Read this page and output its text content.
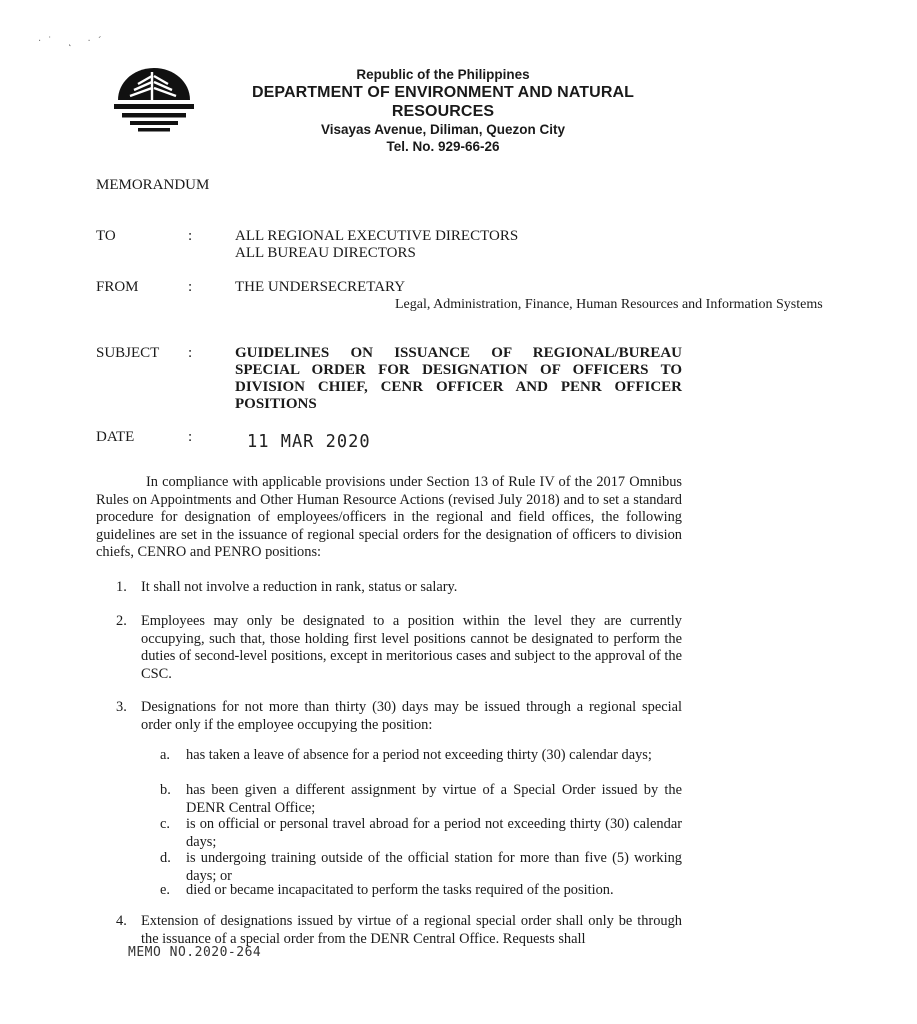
·˙ ˛ ·´
Republic of the Philippines
DEPARTMENT OF ENVIRONMENT AND NATURAL RESOURCES
Visayas Avenue, Diliman, Quezon City
Tel. No. 929-66-26
MEMORANDUM
TO	:	ALL REGIONAL EXECUTIVE DIRECTORS
ALL BUREAU DIRECTORS
FROM	:	THE UNDERSECRETARY
Legal, Administration, Finance, Human Resources and Information Systems
SUBJECT :	GUIDELINES ON ISSUANCE OF REGIONAL/BUREAU SPECIAL ORDER FOR DESIGNATION OF OFFICERS TO DIVISION CHIEF, CENR OFFICER AND PENR OFFICER POSITIONS
DATE	:	11 MAR 2020
In compliance with applicable provisions under Section 13 of Rule IV of the 2017 Omnibus Rules on Appointments and Other Human Resource Actions (revised July 2018) and to set a standard procedure for designation of employees/officers in the regional and field offices, the following guidelines are set in the issuance of regional special orders for the designation of officers to division chiefs, CENRO and PENRO positions:
1. It shall not involve a reduction in rank, status or salary.
2. Employees may only be designated to a position within the level they are currently occupying, such that, those holding first level positions cannot be designated to perform the duties of second-level positions, except in meritorious cases and subject to the approval of the CSC.
3. Designations for not more than thirty (30) days may be issued through a regional special order only if the employee occupying the position:
a. has taken a leave of absence for a period not exceeding thirty (30) calendar days;
b. has been given a different assignment by virtue of a Special Order issued by the DENR Central Office;
c. is on official or personal travel abroad for a period not exceeding thirty (30) calendar days;
d. is undergoing training outside of the official station for more than five (5) working days; or
e. died or became incapacitated to perform the tasks required of the position.
4. Extension of designations issued by virtue of a regional special order shall only be through the issuance of a special order from the DENR Central Office. Requests shall
MEMO NO.2020-264
